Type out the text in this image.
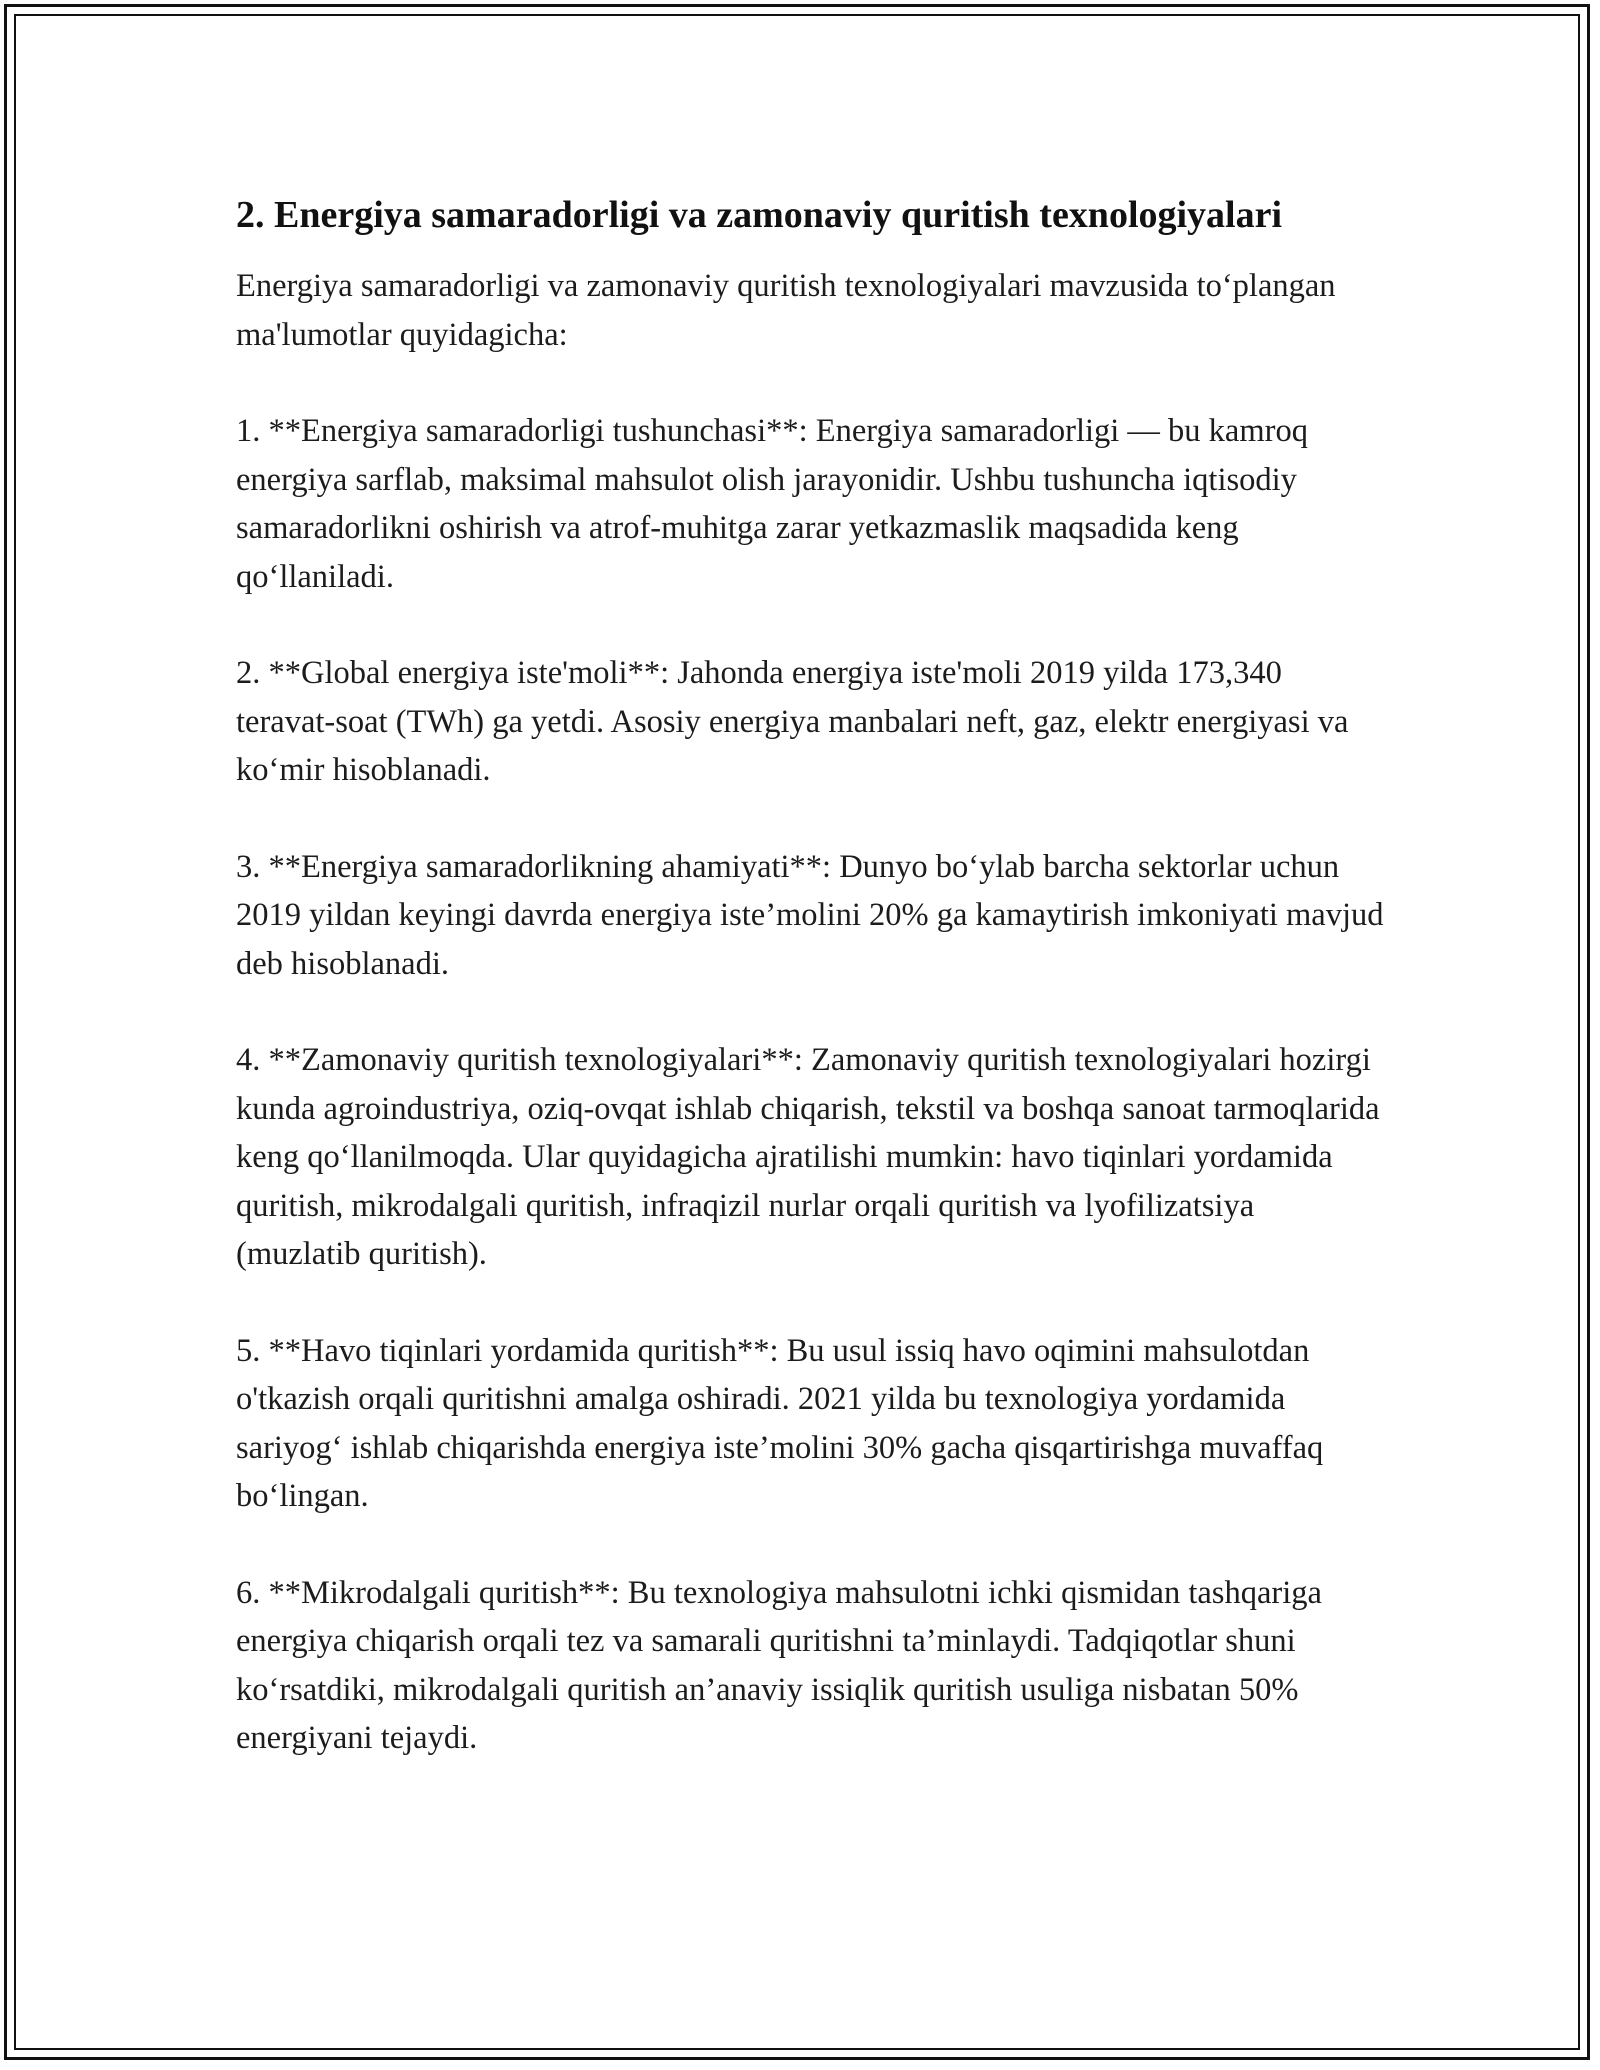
2. Energiya samaradorligi va zamonaviy quritish texnologiyalari

Energiya samaradorligi va zamonaviy quritish texnologiyalari mavzusida to‘plangan ma'lumotlar quyidagicha:

1. **Energiya samaradorligi tushunchasi**: Energiya samaradorligi — bu kamroq energiya sarflab, maksimal mahsulot olish jarayonidir. Ushbu tushuncha iqtisodiy samaradorlikni oshirish va atrof-muhitga zarar yetkazmaslik maqsadida keng qo‘llaniladi.

2. **Global energiya iste'moli**: Jahonda energiya iste'moli 2019 yilda 173,340 teravat-soat (TWh) ga yetdi. Asosiy energiya manbalari neft, gaz, elektr energiyasi va ko‘mir hisoblanadi.

3. **Energiya samaradorlikning ahamiyati**: Dunyo bo‘ylab barcha sektorlar uchun 2019 yildan keyingi davrda energiya iste’molini 20% ga kamaytirish imkoniyati mavjud deb hisoblanadi.

4. **Zamonaviy quritish texnologiyalari**: Zamonaviy quritish texnologiyalari hozirgi kunda agroindustriya, oziq-ovqat ishlab chiqarish, tekstil va boshqa sanoat tarmoqlarida keng qo‘llanilmoqda. Ular quyidagicha ajratilishi mumkin: havo tiqinlari yordamida quritish, mikrodalgali quritish, infraqizil nurlar orqali quritish va lyofilizatsiya (muzlatib quritish).

5. **Havo tiqinlari yordamida quritish**: Bu usul issiq havo oqimini mahsulotdan o'tkazish orqali quritishni amalga oshiradi. 2021 yilda bu texnologiya yordamida sariyog‘ ishlab chiqarishda energiya iste’molini 30% gacha qisqartirishga muvaffaq bo‘lingan.

6. **Mikrodalgali quritish**: Bu texnologiya mahsulotni ichki qismidan tashqariga energiya chiqarish orqali tez va samarali quritishni ta’minlaydi. Tadqiqotlar shuni ko‘rsatdiki, mikrodalgali quritish an’anaviy issiqlik quritish usuliga nisbatan 50% energiyani tejaydi.
